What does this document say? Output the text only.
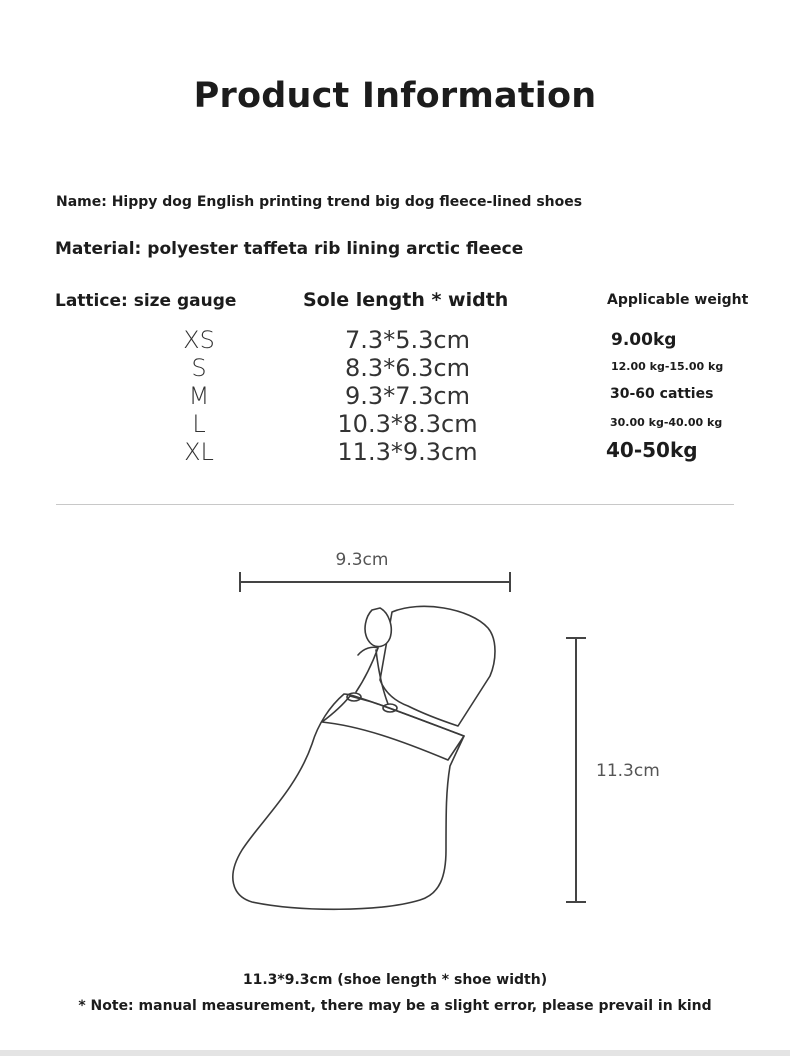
Product Information
Name: Hippy dog English printing trend big dog fleece-lined shoes
Material: polyester taffeta rib lining arctic fleece
Lattice: size gauge	Sole length * width	Applicable weight
XS
S
M
L
XL
7.3*5.3cm
8.3*6.3cm
9.3*7.3cm
10.3*8.3cm
11.3*9.3cm
9.00kg
12.00 kg-15.00 kg
30-60 catties
30.00 kg-40.00 kg
40-50kg
9.3cm
11.3cm
11.3*9.3cm (shoe length * shoe width)
* Note: manual measurement, there may be a slight error, please prevail in kind
